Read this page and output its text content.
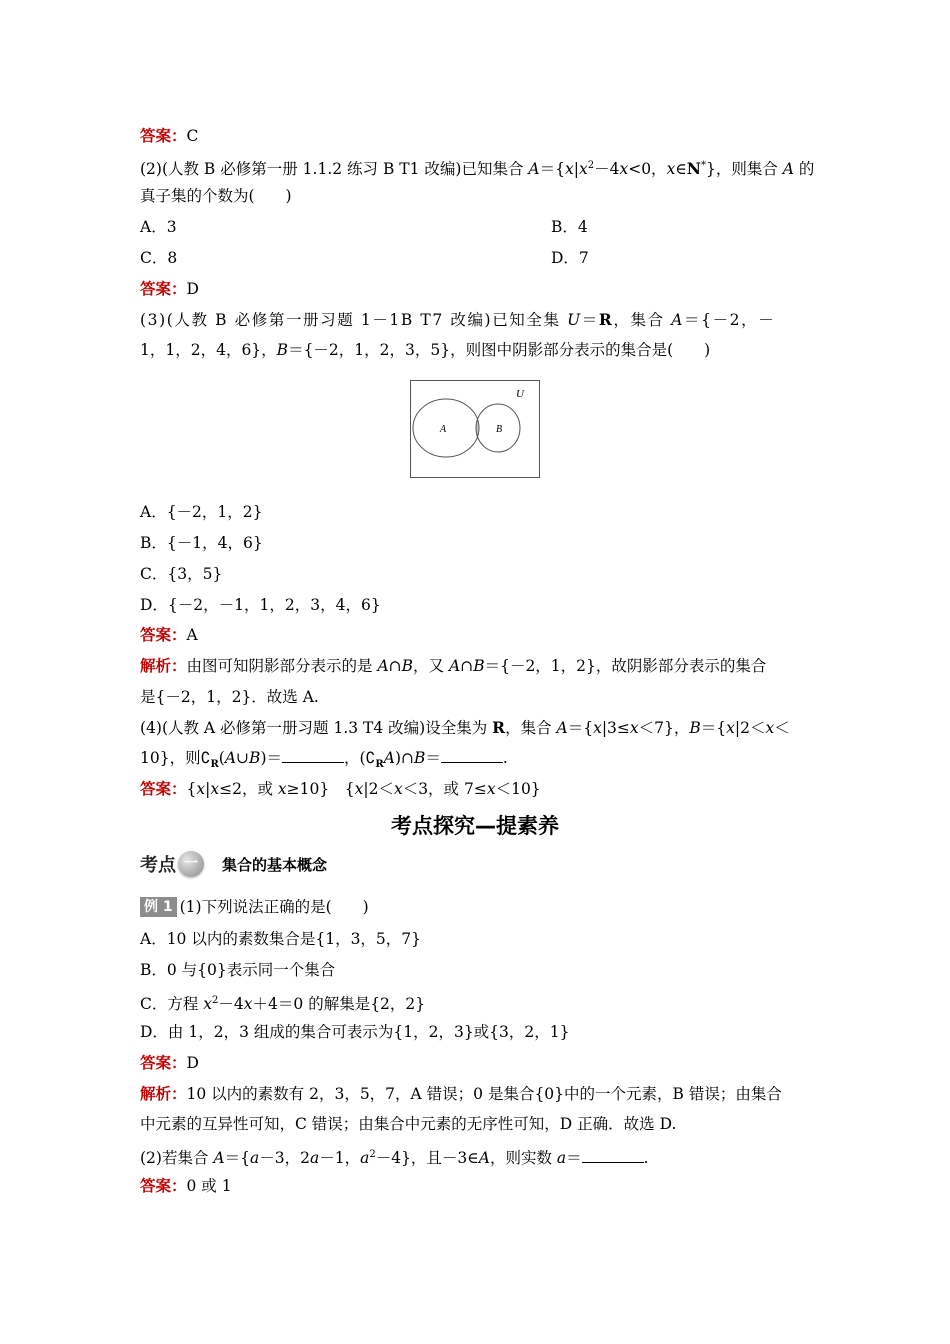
答案：C
(2)(人教 B 必修第一册 1.1.2 练习 B T1 改编)已知集合 $A=\{x|x^2-4x<0$，x∈N*}，则集合 A 的
真子集的个数为(　　)
A．3	B．4
C．8	D．7
答案：D
(3)(人教 B 必修第一册习题 1－1B T7 改编)已知全集 U＝R，集合 A＝{－2，－
1，1，2，4，6}，B＝{－2，1，2，3，5}，则图中阴影部分表示的集合是(　　)
U
A	B
A．{－2，1，2}
B．{－1，4，6}
C．{3，5}
D．{－2，－1，1，2，3，4，6}
答案：A
解析：由图可知阴影部分表示的是 A∩B，又 A∩B＝{－2，1，2}，故阴影部分表示的集合
是{－2，1，2}．故选 A.
(4)(人教 A 必修第一册习题 1.3 T4 改编)设全集为 R，集合 A＝{x|3≤x＜7}，B＝{x|2＜x＜
10}，则$∁_R(A\cup B)=$	，$(∁_RA)\cap B=$	.
答案：{x|x≤2，或 x≥10}　{x|2＜x＜3，或 7≤x＜10}
考点探究—提素养
考点 一	集合的基本概念
例 1 (1)下列说法正确的是(　　)
A．10 以内的素数集合是{1，3，5，7}
B．0 与{0}表示同一个集合
C．方程 $x^2-4x+4=0$ 的解集是{2，2}
D．由 1，2，3 组成的集合可表示为{1，2，3}或{3，2，1}
答案：D
解析：10 以内的素数有 2，3，5，7，A 错误；0 是集合{0}中的一个元素，B 错误；由集合
中元素的互异性可知，C 错误；由集合中元素的无序性可知，D 正确．故选 D.
(2)若集合 A＝{a－3，2a－1，$a^2-4$}，且－3∈A，则实数 a＝	.
答案：0 或 1
